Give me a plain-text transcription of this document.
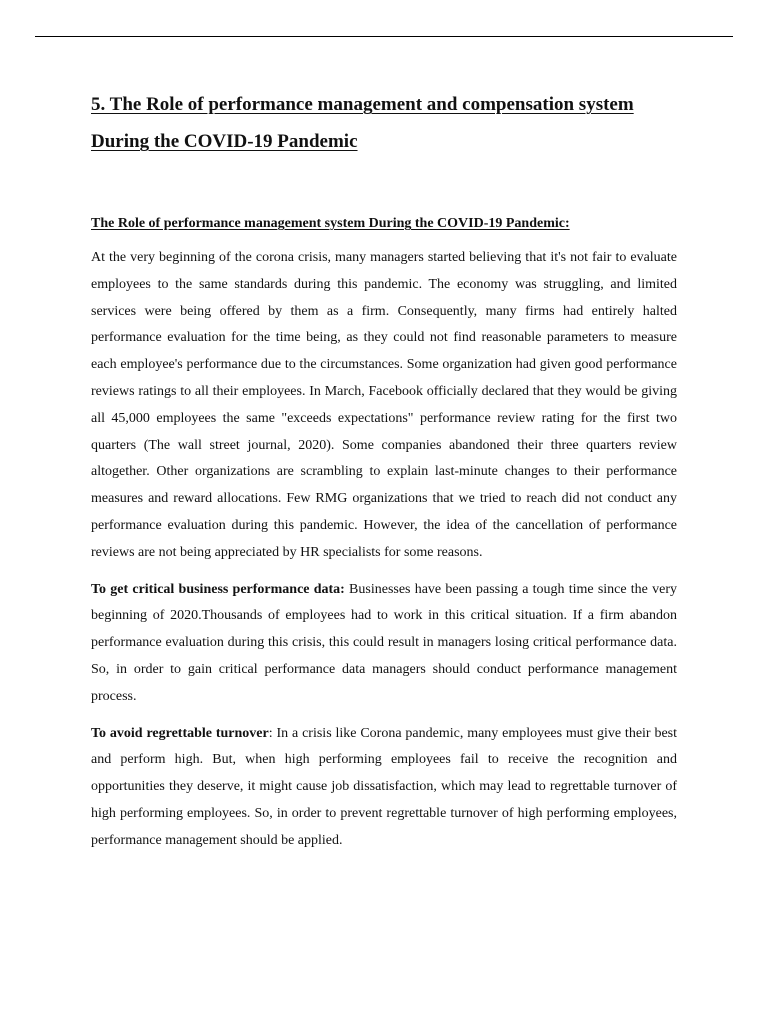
5. The Role of performance management and compensation system During the COVID-19 Pandemic
The Role of performance management system During the COVID-19 Pandemic:

At the very beginning of the corona crisis, many managers started believing that it's not fair to evaluate employees to the same standards during this pandemic. The economy was struggling, and limited services were being offered by them as a firm. Consequently, many firms had entirely halted performance evaluation for the time being, as they could not find reasonable parameters to measure each employee's performance due to the circumstances. Some organization had given good performance reviews ratings to all their employees. In March, Facebook officially declared that they would be giving all 45,000 employees the same "exceeds expectations" performance review rating for the first two quarters (The wall street journal, 2020). Some companies abandoned their three quarters review altogether. Other organizations are scrambling to explain last-minute changes to their performance measures and reward allocations. Few RMG organizations that we tried to reach did not conduct any performance evaluation during this pandemic. However, the idea of the cancellation of performance reviews are not being appreciated by HR specialists for some reasons.

To get critical business performance data: Businesses have been passing a tough time since the very beginning of 2020.Thousands of employees had to work in this critical situation. If a firm abandon performance evaluation during this crisis, this could result in managers losing critical performance data. So, in order to gain critical performance data managers should conduct performance management process.

To avoid regrettable turnover: In a crisis like Corona pandemic, many employees must give their best and perform high. But, when high performing employees fail to receive the recognition and opportunities they deserve, it might cause job dissatisfaction, which may lead to regrettable turnover of high performing employees. So, in order to prevent regrettable turnover of high performing employees, performance management should be applied.
